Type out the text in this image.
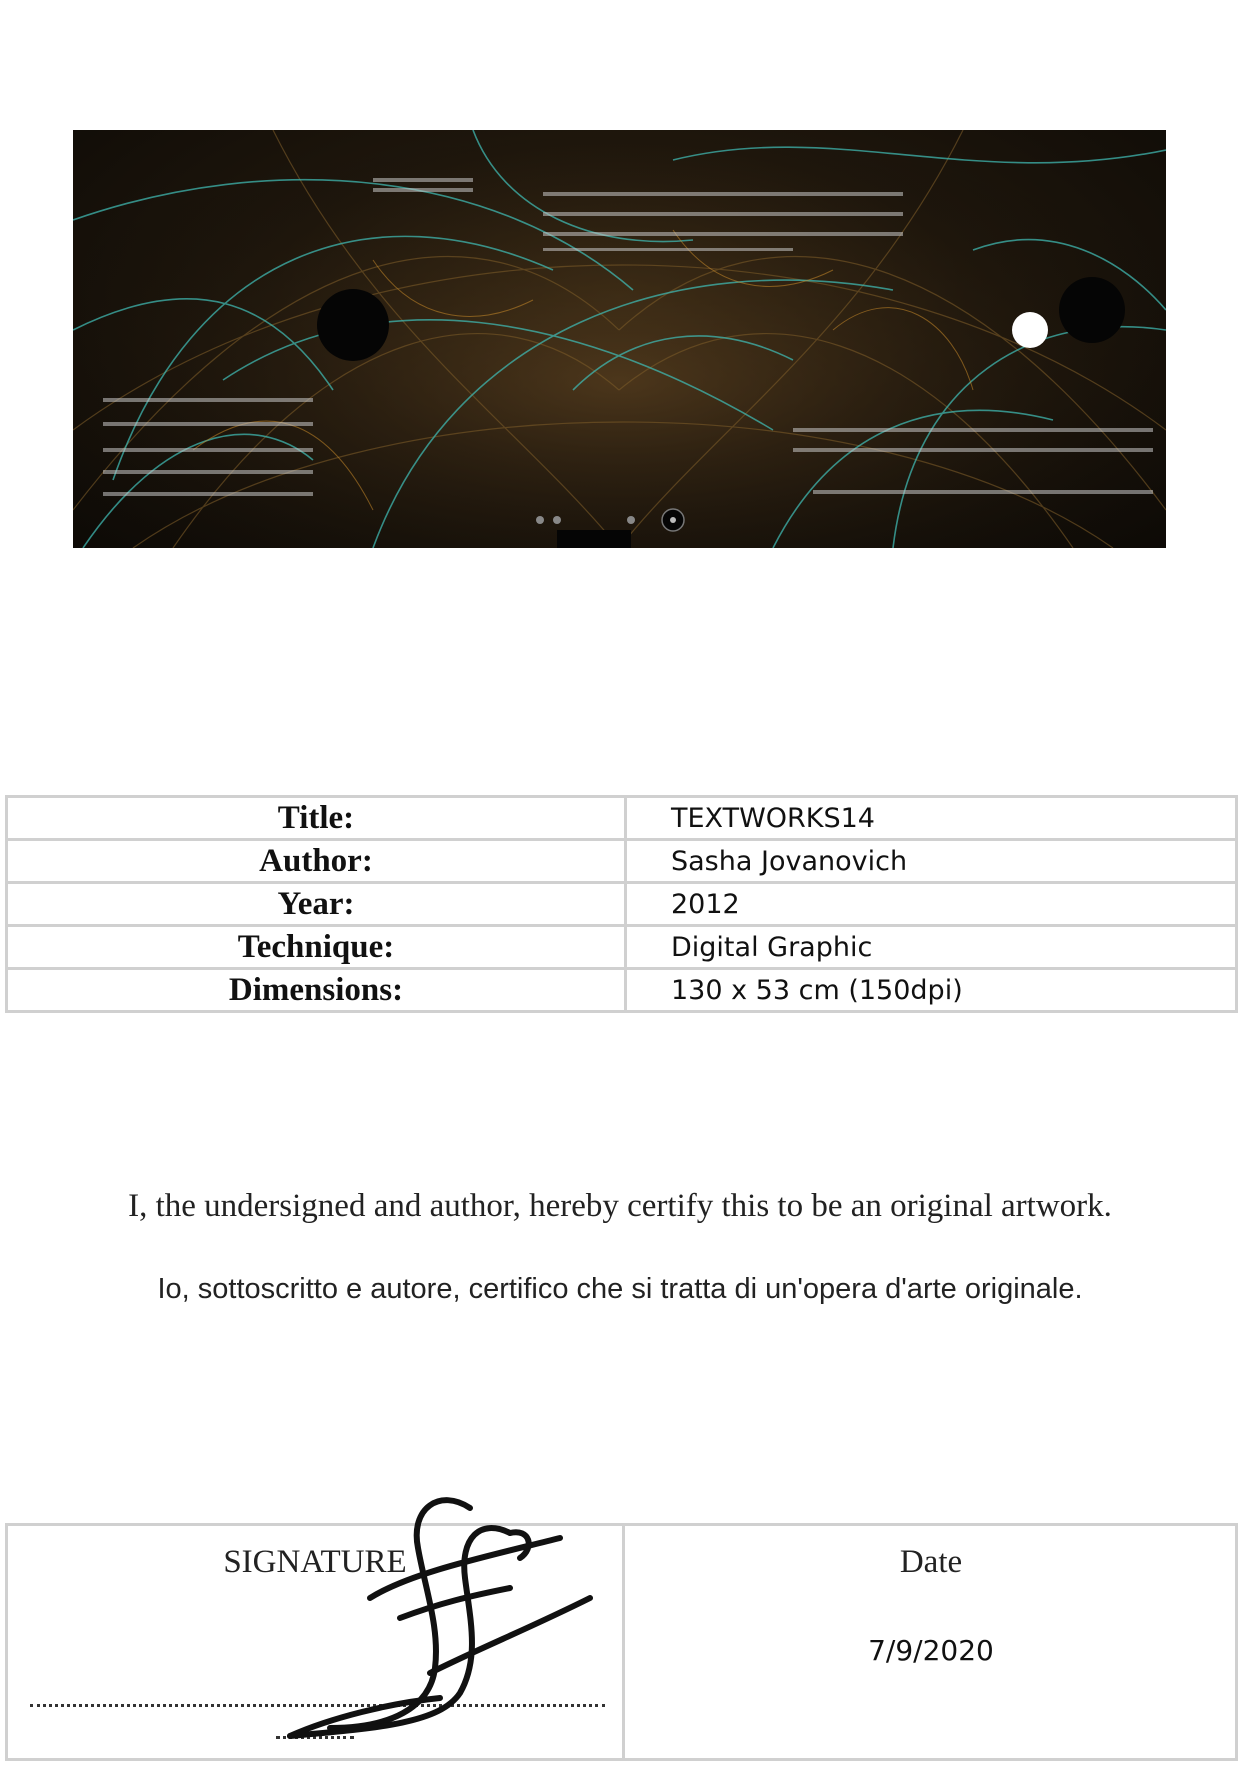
Title:	TEXTWORKS14
Author:	Sasha Jovanovich
Year:	2012
Technique:	Digital Graphic
Dimensions:	130 x 53 cm (150dpi)
I, the undersigned and author, hereby certify this to be an original artwork.
Io, sottoscritto e autore, certifico che si tratta di un'opera d'arte originale.
SIGNATURE	Date
7/9/2020
